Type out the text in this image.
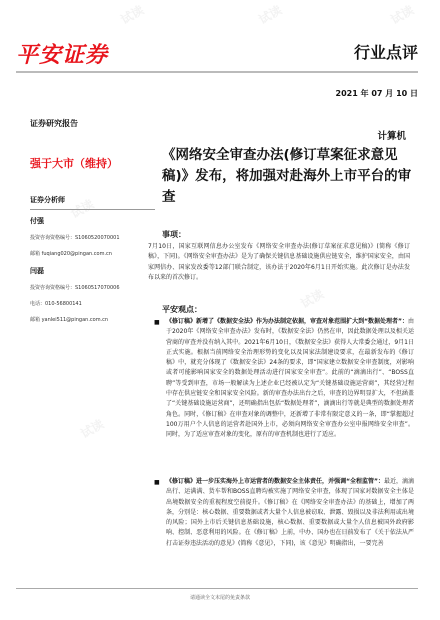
试读	试读	试读
试读
试读
试读
试读
平安证券	行业点评
2021 年 07 月 10 日
证券研究报告
强于大市（维持）
证券分析师
付强
投资咨询资格编号：S1060520070001
邮箱 fuqiang020@pingan.com.cn
闫磊
投资咨询资格编号：S1060517070006
电话：010-56800141
邮箱 yanlei511@pingan.com.cn
计算机
《网络安全审查办法(修订草案征求意见稿)》发布，将加强对赴海外上市平台的审查
事项：
7月10日，国家互联网信息办公室发布《网络安全审查办法(修订草案征求意见稿)》(简称《修订稿》，下同)。《网络安全审查办法》是为了确保关键信息基础设施供应链安全，维护国家安全，由国家网信办、国家发改委等12部门联合制定，该办法于2020年6月1日开始实施。此次修订是办法发布以来的首次修订。
平安观点：
■ 《修订稿》新增了《数据安全法》作为办法制定依据，审查对象范围扩大到“数据处理者”：由于2020年《网络安全审查办法》发布时，《数据安全法》仍然在审，因此数据处理以及相关运营商的审查并没有纳入其中。2021年6月10日，《数据安全法》获得人大常委会通过，9月1日正式实施。根据当前网络安全治理形势的变化以及国家法制建设要求，在最新发布的《修订稿》中，就充分体现了《数据安全法》24条的要求，即“国家建立数据安全审查制度，对影响或者可能影响国家安全的数据处理活动进行国家安全审查”。此前的“滴滴出行”、“BOSS直聘”等受到审查，市场一般解读为上述企业已经被认定为“关键基础设施运营商”，其经营过程中存在供应链安全和国家安全风险。新的审查办法出台之后，审查的边界明显扩大，不但涵盖了“关键基础设施运营商”，还明确指出包括“数据处理者”，滴滴出行等就是典型的数据处理者角色。同时，《修订稿》在审查对象的调整中，还新增了非常有限定意义的一条，即“掌握超过100万用户个人信息的运营者赴国外上市，必须向网络安全审查办公室申报网络安全审查”。同时，为了适应审查对象的变化，原有的审查机制也进行了适应。
■ 《修订稿》进一步压实海外上市运营者的数据安全主体责任，并强调“全程监管”：最近，滴滴出行、运满满、货车帮和BOSS直聘均被实施了网络安全审查，体现了国家对数据安全主体是出境数据安全的重视程度空前提升。《修订稿》在《网络安全审查办法》的基础上，增加了两条，分别是：核心数据、重要数据或者大量个人信息被窃取、泄露、毁损以及非法利用或出境的风险；国外上市后关键信息基础设施，核心数据、重要数据或大量个人信息被国外政府影响、控制、恶意利用的风险。在《修订稿》上前，中办、国办也在日前发布了《关于依法从严打击证券违法活动的意见》(简称《意见》，下同)，该《意见》明确指出，一要完善
请通读全文末尾的免责条款
